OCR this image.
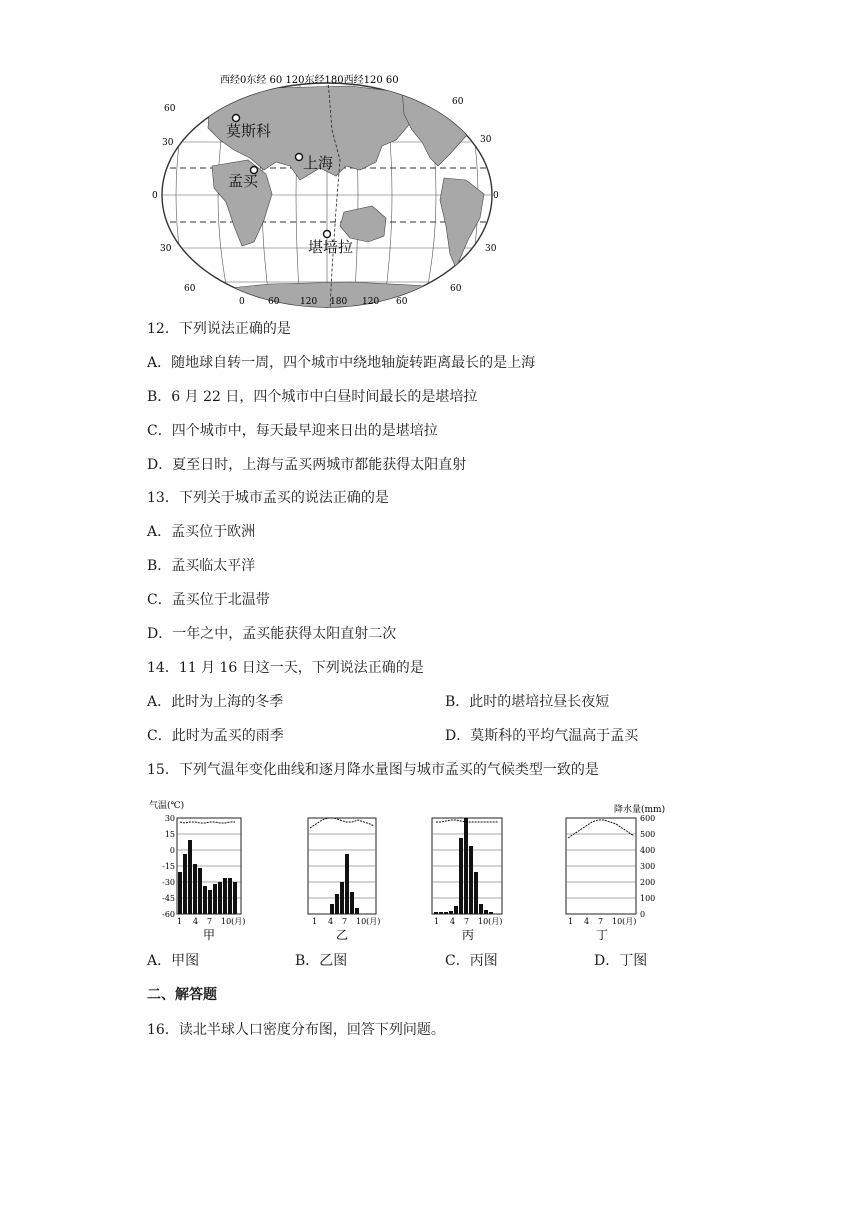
西经0东经 60 120东经180西经120 60
60
30
0
30
60
60
30
0
30
60
0	60 120 180 120 60
莫斯科
上海
孟买
堪培拉
12．下列说法正确的是
A．随地球自转一周，四个城市中绕地轴旋转距离最长的是上海
B．6 月 22 日，四个城市中白昼时间最长的是堪培拉
C．四个城市中，每天最早迎来日出的是堪培拉
D．夏至日时，上海与孟买两城市都能获得太阳直射
13．下列关于城市孟买的说法正确的是
A．孟买位于欧洲
B．孟买临太平洋
C．孟买位于北温带
D．一年之中，孟买能获得太阳直射二次
14．11 月 16 日这一天，下列说法正确的是
A．此时为上海的冬季	B．此时的堪培拉昼长夜短
C．此时为孟买的雨季	D．莫斯科的平均气温高于孟买
15．下列气温年变化曲线和逐月降水量图与城市孟买的气候类型一致的是
气温(℃)
30
15
0
-15
-30
-45
-60
1 4 7 10(月)
甲
1 4 7 10(月)
乙
1 4 7 10(月)
丙
降水量(mm)
600
500
400
300
200
100
0
1 4 7 10(月)
丁
A．甲图	B．乙图	C．丙图	D．丁图
二、解答题
16．读北半球人口密度分布图，回答下列问题。
